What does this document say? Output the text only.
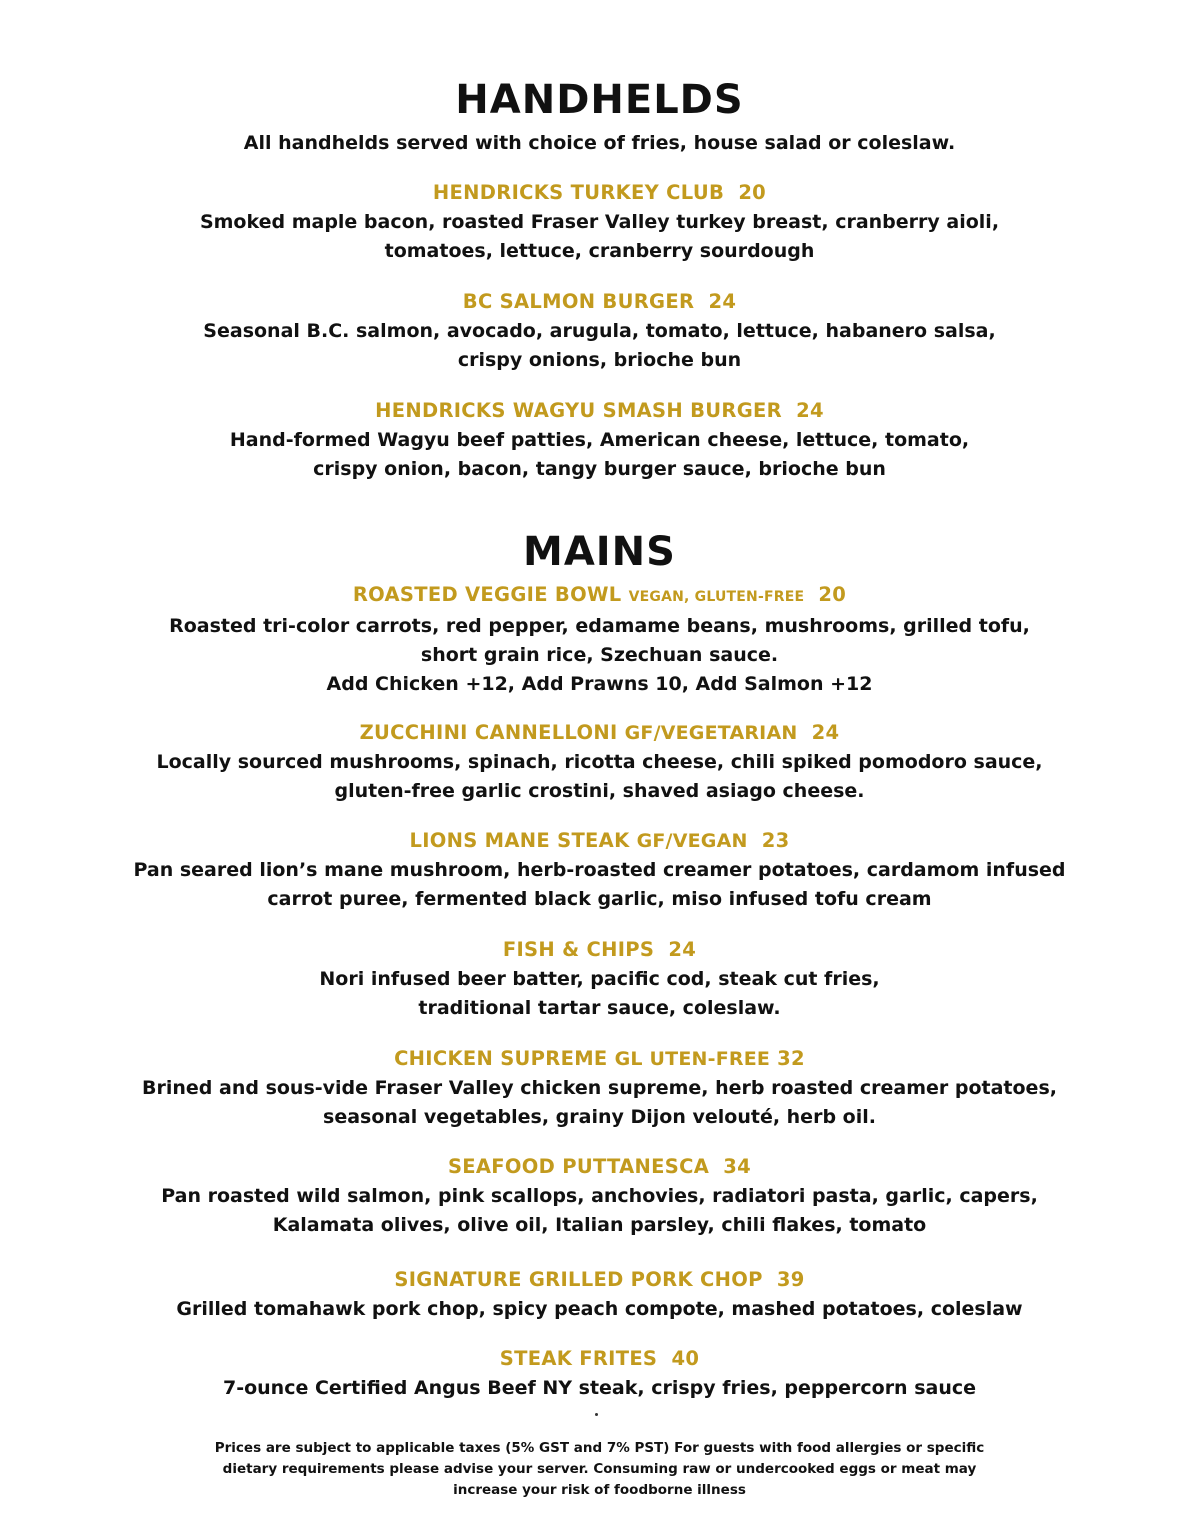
HANDHELDS

All handhelds served with choice of fries, house salad or coleslaw.

HENDRICKS TURKEY CLUB 20
Smoked maple bacon, roasted Fraser Valley turkey breast, cranberry aioli,
tomatoes, lettuce, cranberry sourdough
BC SALMON BURGER 24
Seasonal B.C. salmon, avocado, arugula, tomato, lettuce, habanero salsa,
crispy onions, brioche bun
HENDRICKS WAGYU SMASH BURGER 24
Hand-formed Wagyu beef patties, American cheese, lettuce, tomato,
crispy onion, bacon, tangy burger sauce, brioche bun
MAINS
ROASTED VEGGIE BOWL VEGAN, GLUTEN-FREE 20
Roasted tri-color carrots, red pepper, edamame beans, mushrooms, grilled tofu,
short grain rice, Szechuan sauce.
Add Chicken +12, Add Prawns 10, Add Salmon +12
ZUCCHINI CANNELLONI GF/VEGETARIAN 24
Locally sourced mushrooms, spinach, ricotta cheese, chili spiked pomodoro sauce,
gluten-free garlic crostini, shaved asiago cheese.
LIONS MANE STEAK GF/VEGAN 23
Pan seared lion’s mane mushroom, herb-roasted creamer potatoes, cardamom infused
carrot puree, fermented black garlic, miso infused tofu cream
FISH & CHIPS 24
Nori infused beer batter, pacific cod, steak cut fries,
traditional tartar sauce, coleslaw.
CHICKEN SUPREME GL UTEN-FREE 32
Brined and sous-vide Fraser Valley chicken supreme, herb roasted creamer potatoes,
seasonal vegetables, grainy Dijon velouté, herb oil.
SEAFOOD PUTTANESCA 34
Pan roasted wild salmon, pink scallops, anchovies, radiatori pasta, garlic, capers,
Kalamata olives, olive oil, Italian parsley, chili flakes, tomato
SIGNATURE GRILLED PORK CHOP 39
Grilled tomahawk pork chop, spicy peach compote, mashed potatoes, coleslaw
STEAK FRITES 40
7-ounce Certified Angus Beef NY steak, crispy fries, peppercorn sauce
Prices are subject to applicable taxes (5% GST and 7% PST) For guests with food allergies or specific
dietary requirements please advise your server. Consuming raw or undercooked eggs or meat may
increase your risk of foodborne illness
